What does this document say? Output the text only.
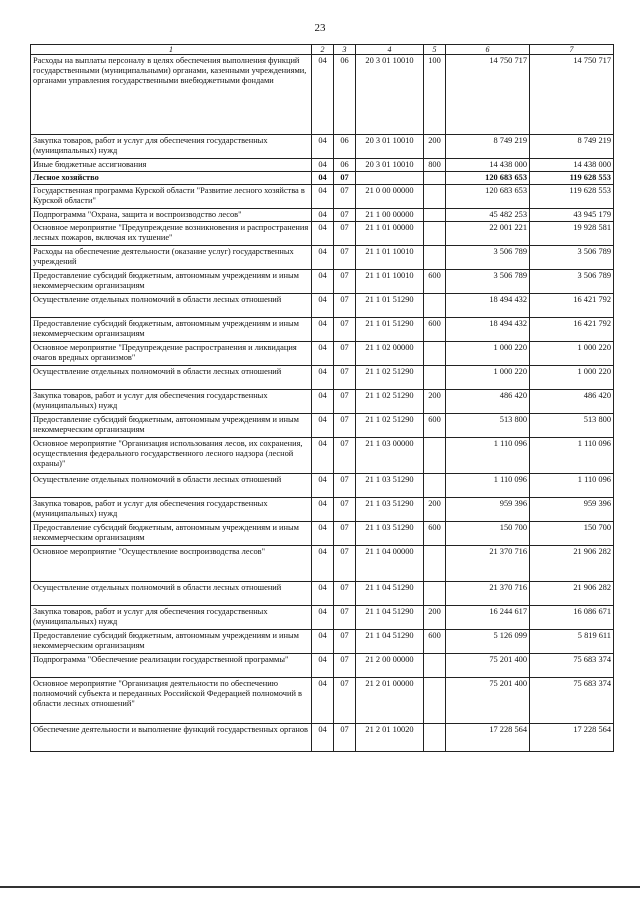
23
1	2	3	4	5	6	7
Расходы на выплаты персоналу в целях обеспечения выполнения функций государственными (муниципальными) органами, казенными учреждениями, органами управления государственными внебюджетными фондами	04	06	20 3 01 10010	100	14 750 717	14 750 717
Закупка товаров, работ и услуг для обеспечения государственных (муниципальных) нужд	04	06	20 3 01 10010	200	8 749 219	8 749 219
Иные бюджетные ассигнования	04	06	20 3 01 10010	800	14 438 000	14 438 000
Лесное хозяйство	04	07			120 683 653	119 628 553
Государственная программа Курской области "Развитие лесного хозяйства в Курской области"	04	07	21 0 00 00000		120 683 653	119 628 553
Подпрограмма "Охрана, защита и воспроизводство лесов"	04	07	21 1 00 00000		45 482 253	43 945 179
Основное мероприятие "Предупреждение возникновения и распространения лесных пожаров, включая их тушение"	04	07	21 1 01 00000		22 001 221	19 928 581
Расходы на обеспечение деятельности (оказание услуг) государственных учреждений	04	07	21 1 01 10010		3 506 789	3 506 789
Предоставление субсидий бюджетным, автономным учреждениям и иным некоммерческим организациям	04	07	21 1 01 10010	600	3 506 789	3 506 789
Осуществление отдельных полномочий в области лесных отношений	04	07	21 1 01 51290		18 494 432	16 421 792
Предоставление субсидий бюджетным, автономным учреждениям и иным некоммерческим организациям	04	07	21 1 01 51290	600	18 494 432	16 421 792
Основное мероприятие "Предупреждение распространения и ликвидация очагов вредных организмов"	04	07	21 1 02 00000		1 000 220	1 000 220
Осуществление отдельных полномочий в области лесных отношений	04	07	21 1 02 51290		1 000 220	1 000 220
Закупка товаров, работ и услуг для обеспечения государственных (муниципальных) нужд	04	07	21 1 02 51290	200	486 420	486 420
Предоставление субсидий бюджетным, автономным учреждениям и иным некоммерческим организациям	04	07	21 1 02 51290	600	513 800	513 800
Основное мероприятие "Организация использования лесов, их сохранения, осуществления федерального государственного лесного надзора (лесной охраны)"	04	07	21 1 03 00000		1 110 096	1 110 096
Осуществление отдельных полномочий в области лесных отношений	04	07	21 1 03 51290		1 110 096	1 110 096
Закупка товаров, работ и услуг для обеспечения государственных (муниципальных) нужд	04	07	21 1 03 51290	200	959 396	959 396
Предоставление субсидий бюджетным, автономным учреждениям и иным некоммерческим организациям	04	07	21 1 03 51290	600	150 700	150 700
Основное мероприятие "Осуществление воспроизводства лесов"	04	07	21 1 04 00000		21 370 716	21 906 282
Осуществление отдельных полномочий в области лесных отношений	04	07	21 1 04 51290		21 370 716	21 906 282
Закупка товаров, работ и услуг для обеспечения государственных (муниципальных) нужд	04	07	21 1 04 51290	200	16 244 617	16 086 671
Предоставление субсидий бюджетным, автономным учреждениям и иным некоммерческим организациям	04	07	21 1 04 51290	600	5 126 099	5 819 611
Подпрограмма "Обеспечение реализации государственной программы"	04	07	21 2 00 00000		75 201 400	75 683 374
Основное мероприятие "Организация деятельности по обеспечению полномочий субъекта и переданных Российской Федерацией полномочий в области лесных отношений"	04	07	21 2 01 00000		75 201 400	75 683 374
Обеспечение деятельности и выполнение функций государственных органов	04	07	21 2 01 10020		17 228 564	17 228 564
